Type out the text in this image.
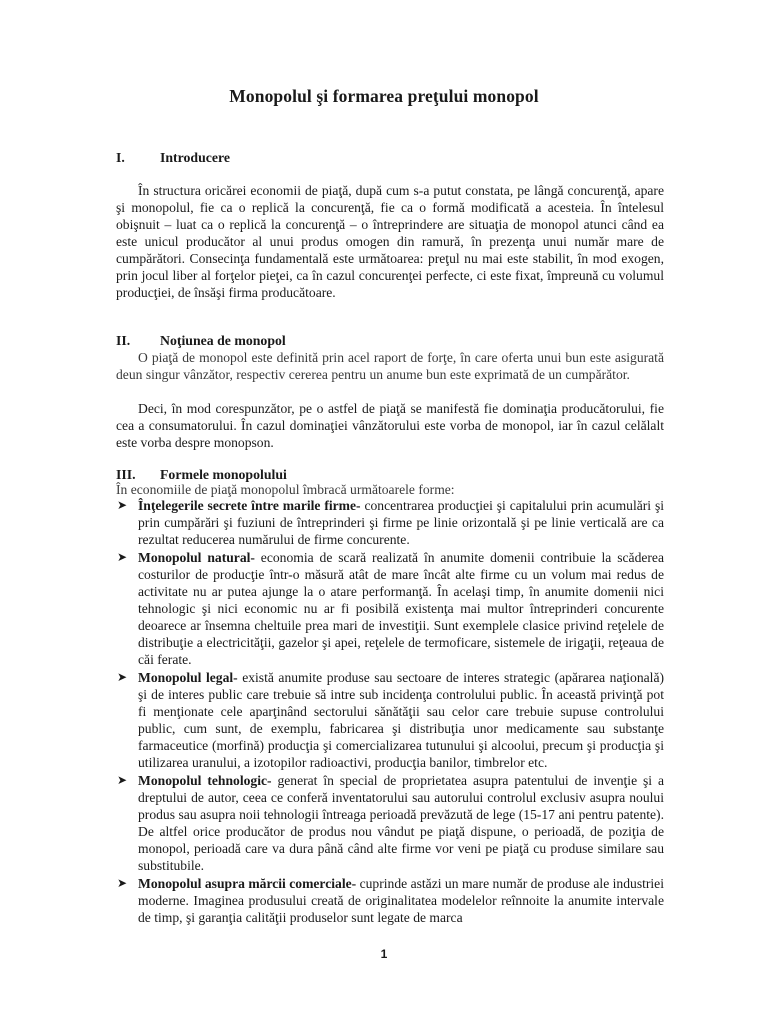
Monopolul şi formarea preţului monopol
I.	Introducere
În structura oricărei economii de piaţă, după cum s-a putut constata, pe lângă concurenţă, apare şi monopolul, fie ca o replică la concurenţă, fie ca o formă modificată a acesteia. În întelesul obişnuit – luat ca o replică la concurenţă – o întreprindere are situaţia de monopol atunci când ea este unicul producător al unui produs omogen din ramură, în prezenţa unui număr mare de cumpărători. Consecinţa fundamentală este următoarea: preţul nu mai este stabilit, în mod exogen, prin jocul liber al forţelor pieţei, ca în cazul concurenţei perfecte, ci este fixat, împreună cu volumul producţiei, de însăşi firma producătoare.
II. Noţiunea de monopol
O piaţă de monopol este definită prin acel raport de forţe, în care oferta unui bun este asigurată deun singur vânzător, respectiv cererea pentru un anume bun este exprimată de un cumpărător.
Deci, în mod corespunzător, pe o astfel de piaţă se manifestă fie dominaţia producătorului, fie cea a consumatorului. În cazul dominaţiei vânzătorului este vorba de monopol, iar în cazul celălalt este vorba despre monopson.
III. Formele monopolului
În economiile de piaţă monopolul îmbracă următoarele forme:
➤ Înţelegerile secrete între marile firme- concentrarea producţiei şi capitalului prin acumulări şi prin cumpărări şi fuziuni de întreprinderi şi firme pe linie orizontală şi pe linie verticală are ca rezultat reducerea numărului de firme concurente.
➤ Monopolul natural- economia de scară realizată în anumite domenii contribuie la scăderea costurilor de producţie într-o măsură atât de mare încât alte firme cu un volum mai redus de activitate nu ar putea ajunge la o atare performanţă. În acelaşi timp, în anumite domenii nici tehnologic şi nici economic nu ar fi posibilă existenţa mai multor întreprinderi concurente deoarece ar însemna cheltuile prea mari de investiţii. Sunt exemplele clasice privind reţelele de distribuţie a electricităţii, gazelor şi apei, reţelele de termoficare, sistemele de irigaţii, reţeaua de căi ferate.
➤ Monopolul legal- există anumite produse sau sectoare de interes strategic (apărarea naţională) şi de interes public care trebuie să intre sub incidenţa controlului public. În această privinţă pot fi menţionate cele aparţinând sectorului sănătăţii sau celor care trebuie supuse controlului public, cum sunt, de exemplu, fabricarea şi distribuţia unor medicamente sau substanţe farmaceutice (morfină) producţia şi comercializarea tutunului şi alcoolui, precum şi producţia şi utilizarea uranului, a izotopilor radioactivi, producţia banilor, timbrelor etc.
➤ Monopolul tehnologic- generat în special de proprietatea asupra patentului de invenţie şi a dreptului de autor, ceea ce conferă inventatorului sau autorului controlul exclusiv asupra noului produs sau asupra noii tehnologii întreaga perioadă prevăzută de lege (15-17 ani pentru patente). De altfel orice producător de produs nou vândut pe piaţă dispune, o perioadă, de poziţia de monopol, perioadă care va dura până când alte firme vor veni pe piaţă cu produse similare sau substitubile.
➤ Monopolul asupra mărcii comerciale- cuprinde astăzi un mare număr de produse ale industriei moderne. Imaginea produsului creată de originalitatea modelelor reînnoite la anumite intervale de timp, şi garanţia calităţii produselor sunt legate de marca
1
